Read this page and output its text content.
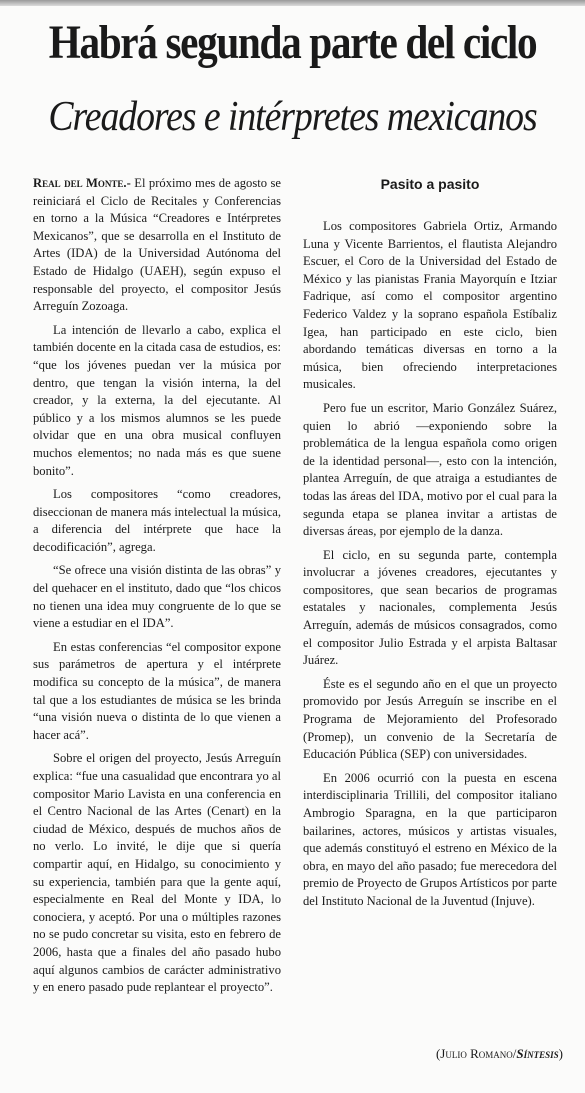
Habrá segunda parte del ciclo
Creadores e intérpretes mexicanos

Real del Monte.- El próximo mes de agosto se reiniciará el Ciclo de Recitales y Conferencias en torno a la Música “Creadores e Intérpretes Mexicanos”, que se desarrolla en el Instituto de Artes (IDA) de la Universidad Autónoma del Estado de Hidalgo (UAEH), según expuso el responsable del proyecto, el compositor Jesús Arreguín Zozoaga.

La intención de llevarlo a cabo, explica el también docente en la citada casa de estudios, es: “que los jóvenes puedan ver la música por dentro, que tengan la visión interna, la del creador, y la externa, la del ejecutante. Al público y a los mismos alumnos se les puede olvidar que en una obra musical confluyen muchos elementos; no nada más es que suene bonito”.

Los compositores “como creadores, diseccionan de manera más intelectual la música, a diferencia del intérprete que hace la decodificación”, agrega.

“Se ofrece una visión distinta de las obras” y del quehacer en el instituto, dado que “los chicos no tienen una idea muy congruente de lo que se viene a estudiar en el IDA”.

En estas conferencias “el compositor expone sus parámetros de apertura y el intérprete modifica su concepto de la música”, de manera tal que a los estudiantes de música se les brinda “una visión nueva o distinta de lo que vienen a hacer acá”.

Sobre el origen del proyecto, Jesús Arreguín explica: “fue una casualidad que encontrara yo al compositor Mario Lavista en una conferencia en el Centro Nacional de las Artes (Cenart) en la ciudad de México, después de muchos años de no verlo. Lo invité, le dije que si quería compartir aquí, en Hidalgo, su conocimiento y su experiencia, también para que la gente aquí, especialmente en Real del Monte y IDA, lo conociera, y aceptó. Por una o múltiples razones no se pudo concretar su visita, esto en febrero de 2006, hasta que a finales del año pasado hubo aquí algunos cambios de carácter administrativo y en enero pasado pude replantear el proyecto”.

Pasito a pasito

Los compositores Gabriela Ortiz, Armando Luna y Vicente Barrientos, el flautista Alejandro Escuer, el Coro de la Universidad del Estado de México y las pianistas Frania Mayorquín e Itziar Fadrique, así como el compositor argentino Federico Valdez y la soprano española Estíbaliz Igea, han participado en este ciclo, bien abordando temáticas diversas en torno a la música, bien ofreciendo interpretaciones musicales.

Pero fue un escritor, Mario González Suárez, quien lo abrió —exponiendo sobre la problemática de la lengua española como origen de la identidad personal—, esto con la intención, plantea Arreguín, de que atraiga a estudiantes de todas las áreas del IDA, motivo por el cual para la segunda etapa se planea invitar a artistas de diversas áreas, por ejemplo de la danza.

El ciclo, en su segunda parte, contempla involucrar a jóvenes creadores, ejecutantes y compositores, que sean becarios de programas estatales y nacionales, complementa Jesús Arreguín, además de músicos consagrados, como el compositor Julio Estrada y el arpista Baltasar Juárez.

Éste es el segundo año en el que un proyecto promovido por Jesús Arreguín se inscribe en el Programa de Mejoramiento del Profesorado (Promep), un convenio de la Secretaría de Educación Pública (SEP) con universidades.

En 2006 ocurrió con la puesta en escena interdisciplinaria Trillili, del compositor italiano Ambrogio Sparagna, en la que participaron bailarines, actores, músicos y artistas visuales, que además constituyó el estreno en México de la obra, en mayo del año pasado; fue merecedora del premio de Proyecto de Grupos Artísticos por parte del Instituto Nacional de la Juventud (Injuve).

(Julio Romano/Síntesis)
